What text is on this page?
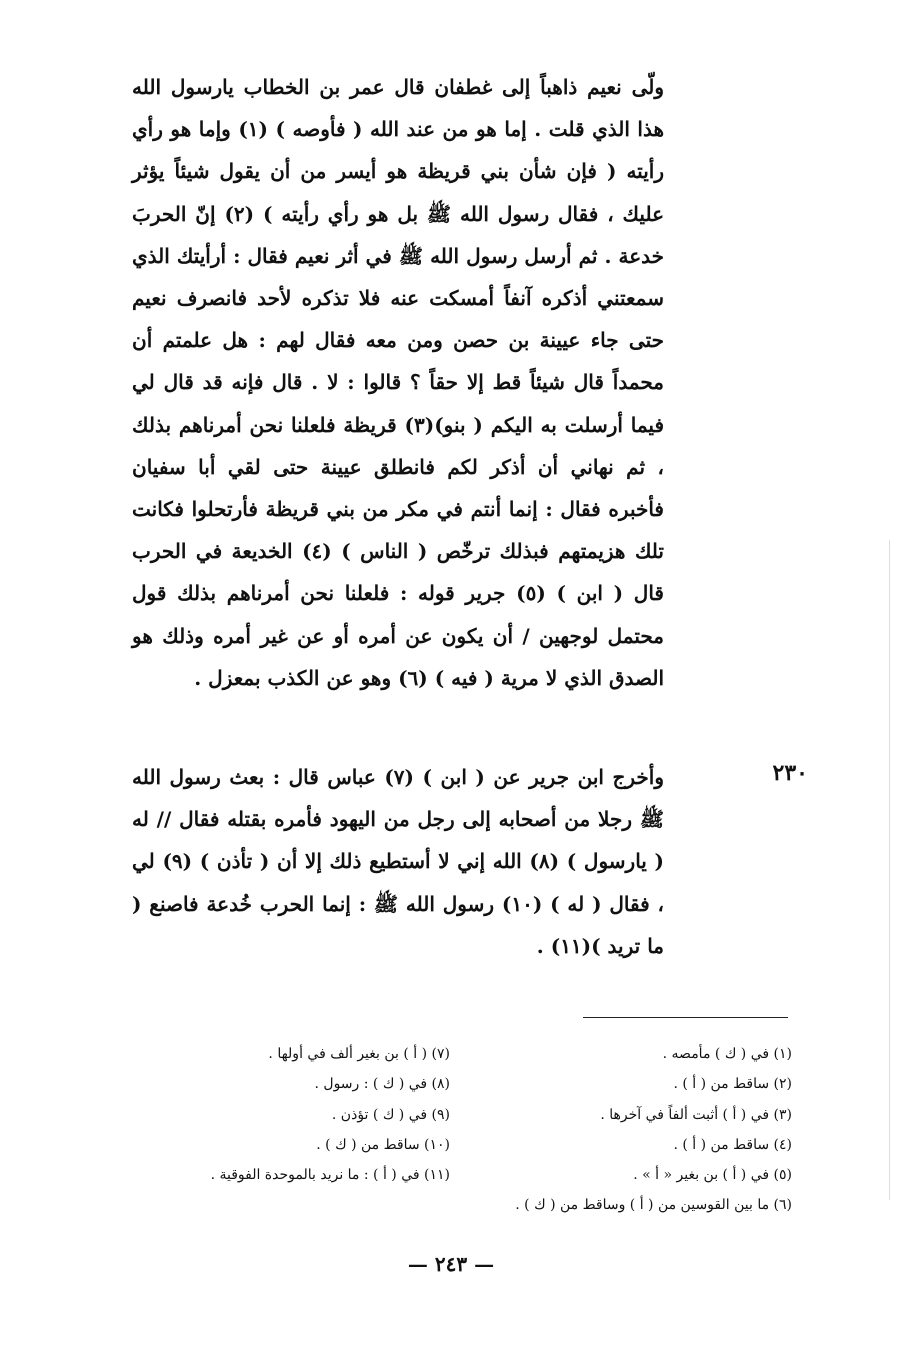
ولّى نعيم ذاهباً إلى غطفان قال عمر بن الخطاب يارسول الله هذا الذي قلت . إما هو من عند الله ( فأوصه ) (١) وإما هو رأي رأيته ( فإن شأن بني قريظة هو أيسر من أن يقول شيئاً يؤثر عليك ، فقال رسول الله ﷺ بل هو رأي رأيته ) (٢) إنّ الحربَ خدعة . ثم أرسل رسول الله ﷺ في أثر نعيم فقال : أرأيتك الذي سمعتني أذكره آنفاً أمسكت عنه فلا تذكره لأحد فانصرف نعيم حتى جاء عيينة بن حصن ومن معه فقال لهم : هل علمتم أن محمداً قال شيئاً قط إلا حقاً ؟ قالوا : لا . قال فإنه قد قال لي فيما أرسلت به اليكم ( بنو)(٣) قريظة فلعلنا نحن أمرناهم بذلك ، ثم نهاني أن أذكر لكم فانطلق عيينة حتى لقي أبا سفيان فأخبره فقال : إنما أنتم في مكر من بني قريظة فأرتحلوا فكانت تلك هزيمتهم فبذلك ترخّص ( الناس ) (٤) الخديعة في الحرب قال ( ابن ) (٥) جرير قوله : فلعلنا نحن أمرناهم بذلك قول محتمل لوجهين / أن يكون عن أمره أو عن غير أمره وذلك هو الصدق الذي لا مرية ( فيه ) (٦) وهو عن الكذب بمعزل .
٢٣٠
وأخرج ابن جرير عن ( ابن ) (٧) عباس قال : بعث رسول الله ﷺ رجلا من أصحابه إلى رجل من اليهود فأمره بقتله فقال // له ( يارسول ) (٨) الله إني لا أستطيع ذلك إلا أن ( تأذن ) (٩) لي ، فقال ( له ) (١٠) رسول الله ﷺ : إنما الحرب خُدعة فاصنع ( ما تريد )(١١) .
(١) في ( ك ) مأمصه .
(٢) ساقط من ( أ ) .
(٣) في ( أ ) أثبت ألفاً في آخرها .
(٤) ساقط من ( أ ) .
(٥) في ( أ ) بن بغير « أ » .
(٦) ما بين القوسين من ( أ ) وساقط من ( ك ) .
(٧) ( أ ) بن بغير ألف في أولها .
(٨) في ( ك ) : رسول .
(٩) في ( ك ) تؤذن .
(١٠) ساقط من ( ك ) .
(١١) في ( أ ) : ما نريد بالموحدة الفوقية .
— ٢٤٣ —
